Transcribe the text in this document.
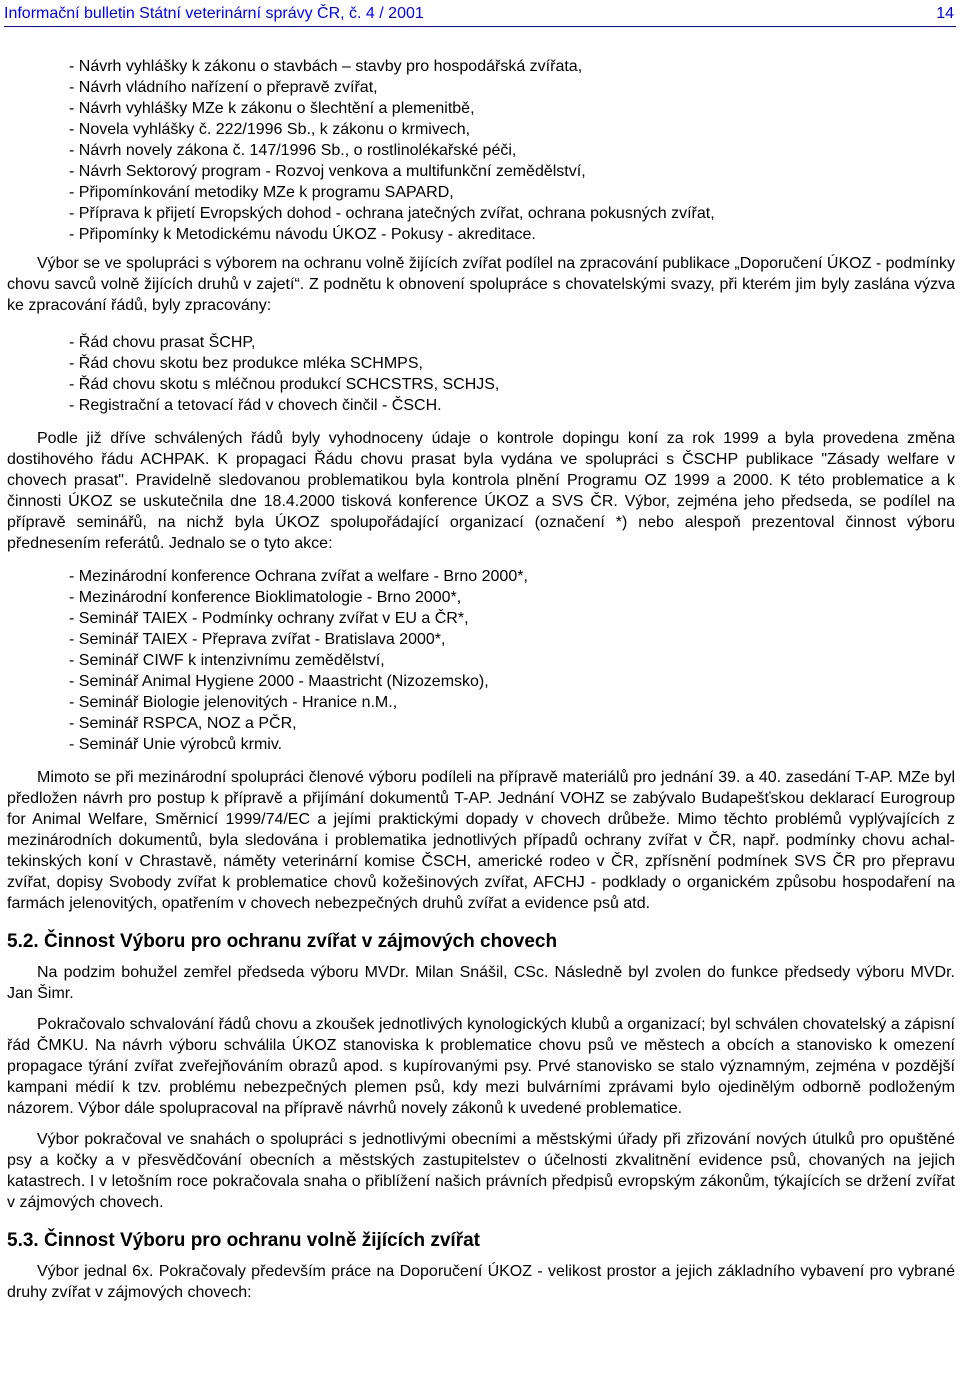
Informační bulletin Státní veterinární správy ČR, č. 4 / 2001	14
- Návrh vyhlášky k zákonu o stavbách – stavby pro hospodářská zvířata,
- Návrh vládního nařízení o přepravě zvířat,
- Návrh vyhlášky MZe k zákonu o šlechtění a plemenitbě,
- Novela vyhlášky č. 222/1996 Sb., k zákonu o krmivech,
- Návrh novely zákona č. 147/1996 Sb., o rostlinolékařské péči,
- Návrh Sektorový program - Rozvoj venkova a multifunkční zemědělství,
- Připomínkování metodiky MZe k programu SAPARD,
- Příprava k přijetí Evropských dohod - ochrana jatečných zvířat, ochrana pokusných zvířat,
- Připomínky k Metodickému návodu ÚKOZ - Pokusy - akreditace.

Výbor se ve spolupráci s výborem na ochranu volně žijících zvířat podílel na zpracování publikace „Doporučení ÚKOZ - podmínky chovu savců volně žijících druhů v zajetí“. Z podnětu k obnovení spolupráce s chovatelskými svazy, při kterém jim byly zaslána výzva ke zpracování řádů, byly zpracovány:

- Řád chovu prasat ŠCHP,
- Řád chovu skotu bez produkce mléka SCHMPS,
- Řád chovu skotu s mléčnou produkcí SCHCSTRS, SCHJS,
- Registrační a tetovací řád v chovech činčil - ČSCH.

Podle již dříve schválených řádů byly vyhodnoceny údaje o kontrole dopingu koní za rok 1999 a byla provedena změna dostihového řádu ACHPAK. K propagaci Řádu chovu prasat byla vydána ve spolupráci s ČSCHP publikace "Zásady welfare v chovech prasat". Pravidelně sledovanou problematikou byla kontrola plnění Programu OZ 1999 a 2000. K této problematice a k činnosti ÚKOZ se uskutečnila dne 18.4.2000 tisková konference ÚKOZ a SVS ČR. Výbor, zejména jeho předseda, se podílel na přípravě seminářů, na nichž byla ÚKOZ spolupořádající organizací (označení *) nebo alespoň prezentoval činnost výboru přednesením referátů. Jednalo se o tyto akce:

- Mezinárodní konference Ochrana zvířat a welfare - Brno 2000*,
- Mezinárodní konference Bioklimatologie - Brno 2000*,
- Seminář TAIEX - Podmínky ochrany zvířat v EU a ČR*,
- Seminář TAIEX - Přeprava zvířat - Bratislava 2000*,
- Seminář CIWF k intenzivnímu zemědělství,
- Seminář Animal Hygiene 2000 - Maastricht (Nizozemsko),
- Seminář Biologie jelenovitých - Hranice n.M.,
- Seminář RSPCA, NOZ a PČR,
- Seminář Unie výrobců krmiv.

Mimoto se při mezinárodní spolupráci členové výboru podíleli na přípravě materiálů pro jednání 39. a 40. zasedání T-AP. MZe byl předložen návrh pro postup k přípravě a přijímání dokumentů T-AP. Jednání VOHZ se zabývalo Budapešťskou deklarací Eurogroup for Animal Welfare, Směrnicí 1999/74/EC a jejími praktickými dopady v chovech drůbeže. Mimo těchto problémů vyplývajících z mezinárodních dokumentů, byla sledována i problematika jednotlivých případů ochrany zvířat v ČR, např. podmínky chovu achal-tekinských koní v Chrastavě, náměty veterinární komise ČSCH, americké rodeo v ČR, zpřísnění podmínek SVS ČR pro přepravu zvířat, dopisy Svobody zvířat k problematice chovů kožešinových zvířat, AFCHJ - podklady o organickém způsobu hospodaření na farmách jelenovitých, opatřením v chovech nebezpečných druhů zvířat a evidence psů atd.

5.2. Činnost Výboru pro ochranu zvířat v zájmových chovech

Na podzim bohužel zemřel předseda výboru MVDr. Milan Snášil, CSc. Následně byl zvolen do funkce předsedy výboru MVDr. Jan Šimr.

Pokračovalo schvalování řádů chovu a zkoušek jednotlivých kynologických klubů a organizací; byl schválen chovatelský a zápisní řád ČMKU. Na návrh výboru schválila ÚKOZ stanoviska k problematice chovu psů ve městech a obcích a stanovisko k omezení propagace týrání zvířat zveřejňováním obrazů apod. s kupírovanými psy. Prvé stanovisko se stalo významným, zejména v pozdější kampani médií k tzv. problému nebezpečných plemen psů, kdy mezi bulvárními zprávami bylo ojedinělým odborně podloženým názorem. Výbor dále spolupracoval na přípravě návrhů novely zákonů k uvedené problematice.

Výbor pokračoval ve snahách o spolupráci s jednotlivými obecními a městskými úřady při zřizování nových útulků pro opuštěné psy a kočky a v přesvědčování obecních a městských zastupitelstev o účelnosti zkvalitnění evidence psů, chovaných na jejich katastrech. I v letošním roce pokračovala snaha o přiblížení našich právních předpisů evropským zákonům, týkajících se držení zvířat v zájmových chovech.

5.3. Činnost Výboru pro ochranu volně žijících zvířat

Výbor jednal 6x. Pokračovaly především práce na Doporučení ÚKOZ - velikost prostor a jejich základního vybavení pro vybrané druhy zvířat v zájmových chovech:
